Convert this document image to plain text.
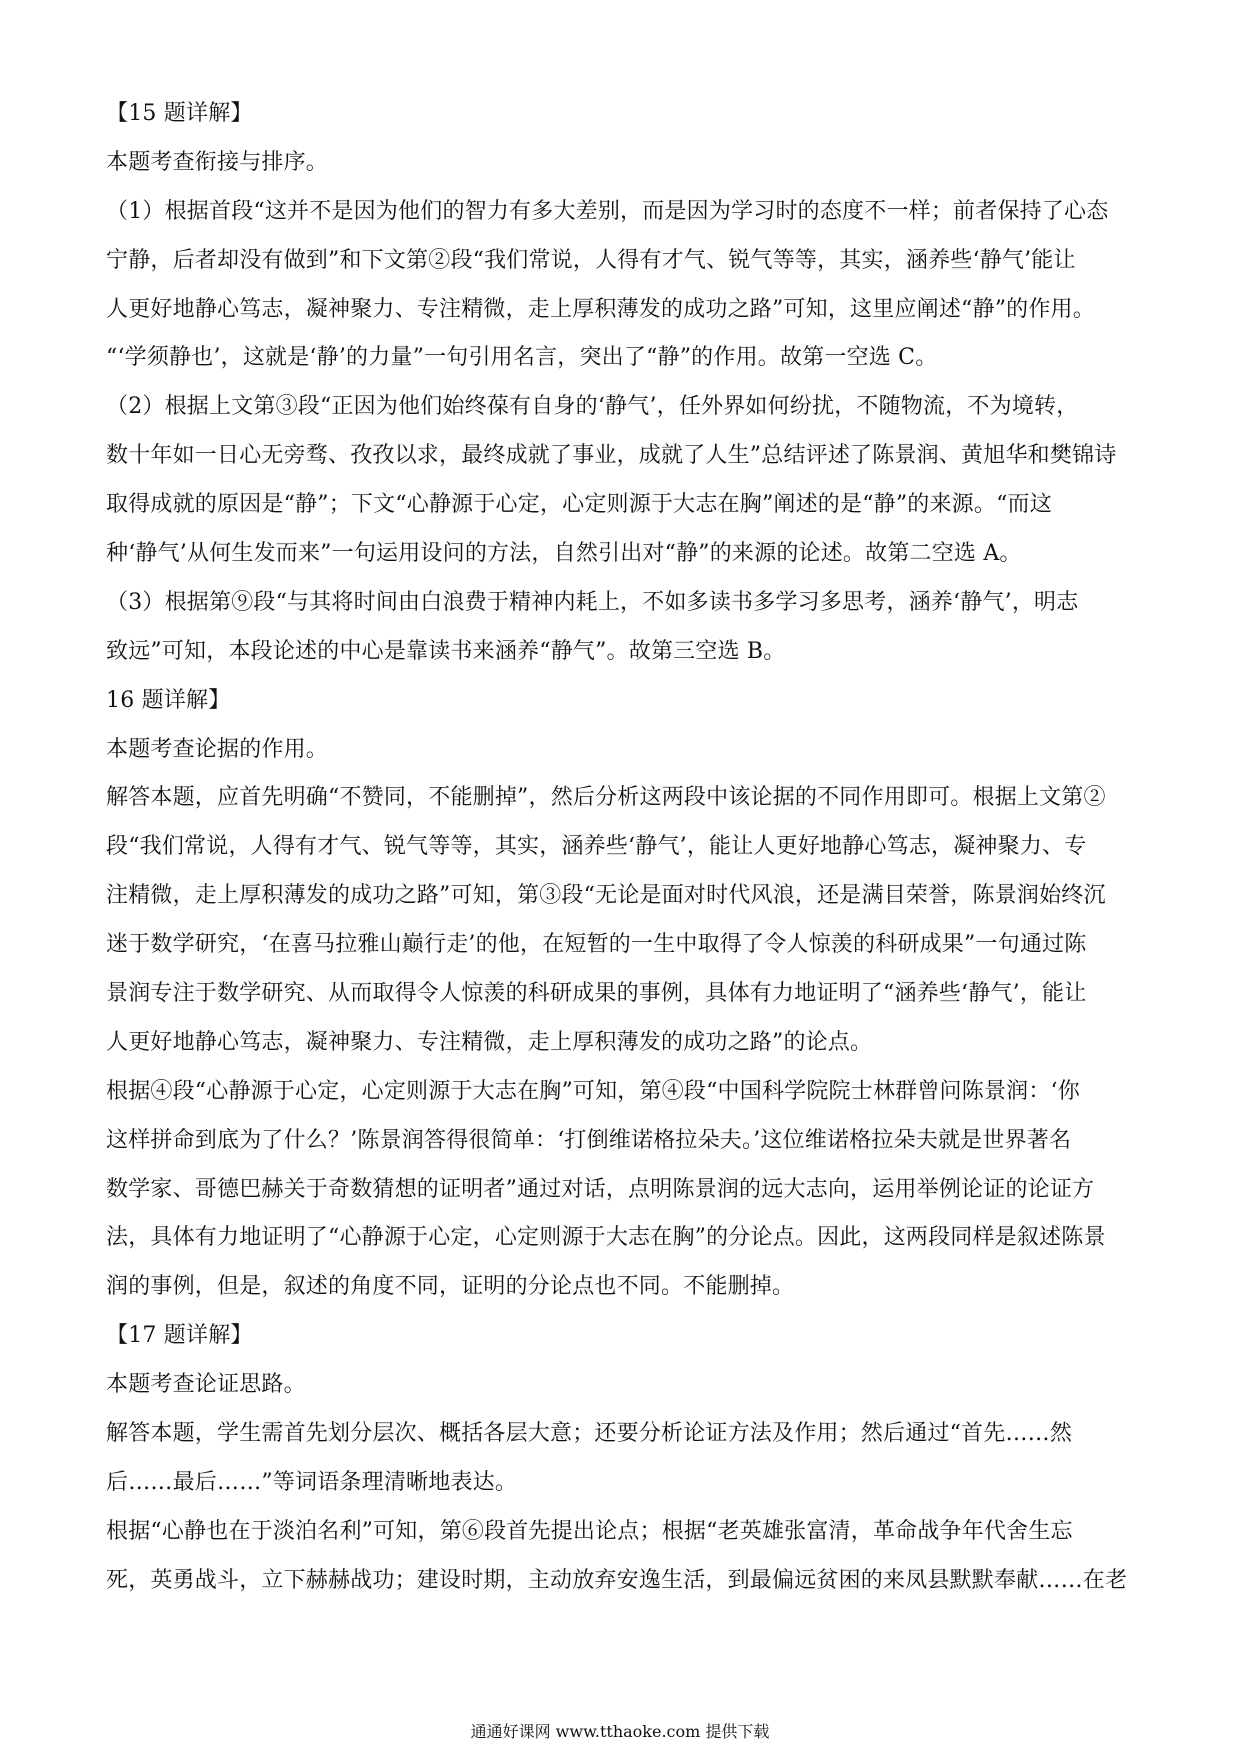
【15 题详解】
本题考查衔接与排序。
（1）根据首段“这并不是因为他们的智力有多大差别，而是因为学习时的态度不一样；前者保持了心态
宁静，后者却没有做到”和下文第②段“我们常说，人得有才气、锐气等等，其实，涵养些‘静气’能让
人更好地静心笃志，凝神聚力、专注精微，走上厚积薄发的成功之路”可知，这里应阐述“静”的作用。
“‘学须静也’，这就是‘静’的力量”一句引用名言，突出了“静”的作用。故第一空选 C。
（2）根据上文第③段“正因为他们始终葆有自身的‘静气’，任外界如何纷扰，不随物流，不为境转，
数十年如一日心无旁骛、孜孜以求，最终成就了事业，成就了人生”总结评述了陈景润、黄旭华和樊锦诗
取得成就的原因是“静”；下文“心静源于心定，心定则源于大志在胸”阐述的是“静”的来源。“而这
种‘静气’从何生发而来”一句运用设问的方法，自然引出对“静”的来源的论述。故第二空选 A。
（3）根据第⑨段“与其将时间由白浪费于精神内耗上，不如多读书多学习多思考，涵养‘静气’，明志
致远”可知，本段论述的中心是靠读书来涵养“静气”。故第三空选 B。
16 题详解】
本题考查论据的作用。
解答本题，应首先明确“不赞同，不能删掉”，然后分析这两段中该论据的不同作用即可。根据上文第②
段“我们常说，人得有才气、锐气等等，其实，涵养些‘静气’，能让人更好地静心笃志，凝神聚力、专
注精微，走上厚积薄发的成功之路”可知，第③段“无论是面对时代风浪，还是满目荣誉，陈景润始终沉
迷于数学研究，‘在喜马拉雅山巅行走’的他，在短暂的一生中取得了令人惊羡的科研成果”一句通过陈
景润专注于数学研究、从而取得令人惊羡的科研成果的事例，具体有力地证明了“涵养些‘静气’，能让
人更好地静心笃志，凝神聚力、专注精微，走上厚积薄发的成功之路”的论点。
根据④段“心静源于心定，心定则源于大志在胸”可知，第④段“中国科学院院士林群曾问陈景润：‘你
这样拼命到底为了什么？’陈景润答得很简单：‘打倒维诺格拉朵夫。’这位维诺格拉朵夫就是世界著名
数学家、哥德巴赫关于奇数猜想的证明者”通过对话，点明陈景润的远大志向，运用举例论证的论证方
法，具体有力地证明了“心静源于心定，心定则源于大志在胸”的分论点。因此，这两段同样是叙述陈景
润的事例，但是，叙述的角度不同，证明的分论点也不同。不能删掉。
【17 题详解】
本题考查论证思路。
解答本题，学生需首先划分层次、概括各层大意；还要分析论证方法及作用；然后通过“首先……然
后……最后……”等词语条理清晰地表达。
根据“心静也在于淡泊名利”可知，第⑥段首先提出论点；根据“老英雄张富清，革命战争年代舍生忘
死，英勇战斗，立下赫赫战功；建设时期，主动放弃安逸生活，到最偏远贫困的来凤县默默奉献……在老
通通好课网 www.tthaoke.com 提供下载
